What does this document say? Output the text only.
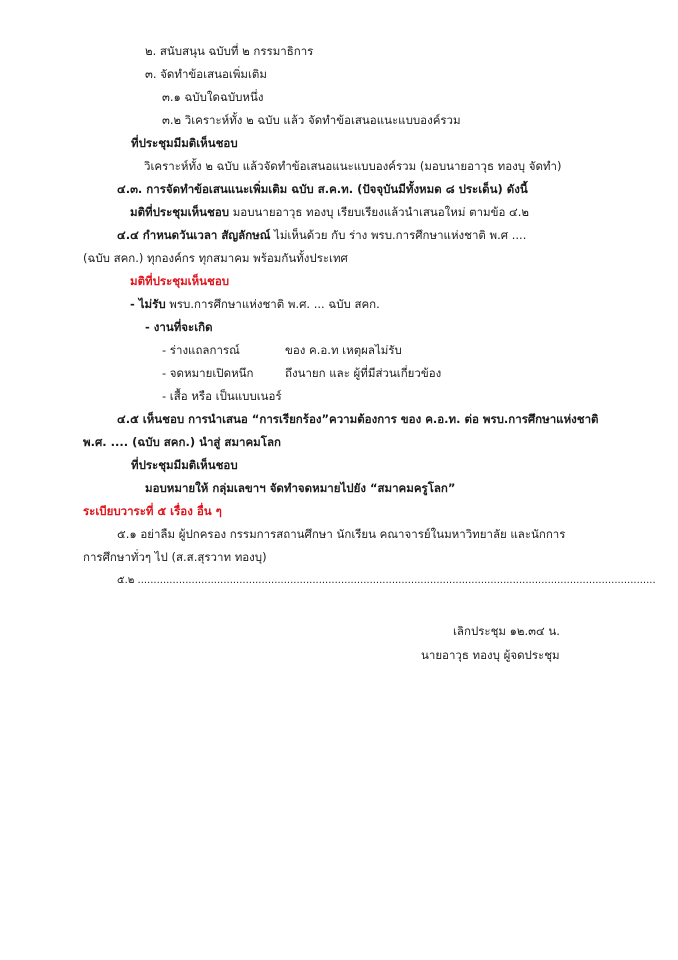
๒. สนับสนุน ฉบับที่ ๒ กรรมาธิการ
๓. จัดทำข้อเสนอเพิ่มเติม
๓.๑ ฉบับใดฉบับหนึ่ง
๓.๒ วิเคราะห์ทั้ง ๒ ฉบับ แล้ว จัดทำข้อเสนอแนะแบบองค์รวม
ที่ประชุมมีมติเห็นชอบ
วิเคราะห์ทั้ง ๒ ฉบับ แล้วจัดทำข้อเสนอแนะแบบองค์รวม (มอบนายอาวุธ ทองบุ จัดทำ)
๔.๓. การจัดทำข้อเสนแนะเพิ่มเติม ฉบับ ส.ค.ท. (ปัจจุบันมีทั้งหมด ๘ ประเด็น) ดังนี้
มติที่ประชุมเห็นชอบ มอบนายอาวุธ ทองบุ เรียบเรียงแล้วนำเสนอใหม่ ตามข้อ ๔.๒
๔.๔ กำหนดวันเวลา สัญลักษณ์ ไม่เห็นด้วย กับ ร่าง พรบ.การศึกษาแห่งชาติ พ.ศ ....
(ฉบับ สคก.) ทุกองค์กร ทุกสมาคม พร้อมกันทั้งประเทศ
มติที่ประชุมเห็นชอบ
- ไม่รับ พรบ.การศึกษาแห่งชาติ พ.ศ. ... ฉบับ สคก.
- งานที่จะเกิด
- ร่างแถลการณ์	ของ ค.อ.ท เหตุผลไม่รับ
- จดหมายเปิดหนึก	ถึงนายก และ ผู้ที่มีส่วนเกี่ยวข้อง
- เสื้อ หรือ เป็นแบบเนอร์
๔.๕ เห็นชอบ การนำเสนอ “การเรียกร้อง”ความต้องการ ของ ค.อ.ท. ต่อ พรบ.การศึกษาแห่งชาติ
พ.ศ. .... (ฉบับ สคก.) นำสู่ สมาคมโลก
ที่ประชุมมีมติเห็นชอบ
มอบหมายให้ กลุ่มเลขาฯ จัดทำจดหมายไปยัง “สมาคมครูโลก”
ระเบียบวาระที่ ๕ เรื่อง อื่น ๆ
๕.๑ อย่าลืม ผู้ปกครอง กรรมการสถานศึกษา นักเรียน คณาจารย์ในมหาวิทยาลัย และนักการ
การศึกษาทั่วๆ ไป (ส.ส.สุรวาท ทองบุ)
๕.๒ ...................................................................................................................................................................
เลิกประชุม ๑๒.๓๔ น.
นายอาวุธ ทองบุ ผู้จดประชุม
